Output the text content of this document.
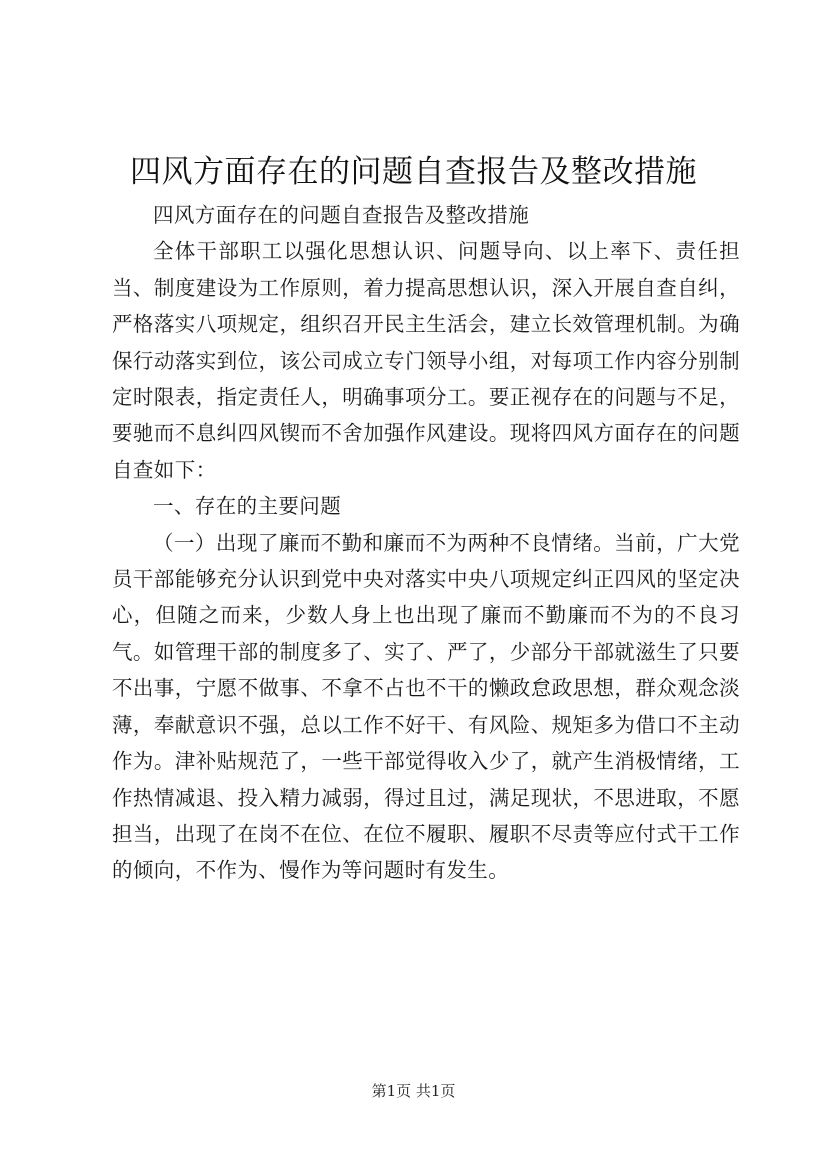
四风方面存在的问题自查报告及整改措施

四风方面存在的问题自查报告及整改措施

全体干部职工以强化思想认识、问题导向、以上率下、责任担当、制度建设为工作原则，着力提高思想认识，深入开展自查自纠，严格落实八项规定，组织召开民主生活会，建立长效管理机制。为确保行动落实到位，该公司成立专门领导小组，对每项工作内容分别制定时限表，指定责任人，明确事项分工。要正视存在的问题与不足，要驰而不息纠四风锲而不舍加强作风建设。现将四风方面存在的问题自查如下：

一、存在的主要问题

（一）出现了廉而不勤和廉而不为两种不良情绪。当前，广大党员干部能够充分认识到党中央对落实中央八项规定纠正四风的坚定决心，但随之而来，少数人身上也出现了廉而不勤廉而不为的不良习气。如管理干部的制度多了、实了、严了，少部分干部就滋生了只要不出事，宁愿不做事、不拿不占也不干的懒政怠政思想，群众观念淡薄，奉献意识不强，总以工作不好干、有风险、规矩多为借口不主动作为。津补贴规范了，一些干部觉得收入少了，就产生消极情绪，工作热情减退、投入精力减弱，得过且过，满足现状，不思进取，不愿担当，出现了在岗不在位、在位不履职、履职不尽责等应付式干工作的倾向，不作为、慢作为等问题时有发生。

第1页 共1页
